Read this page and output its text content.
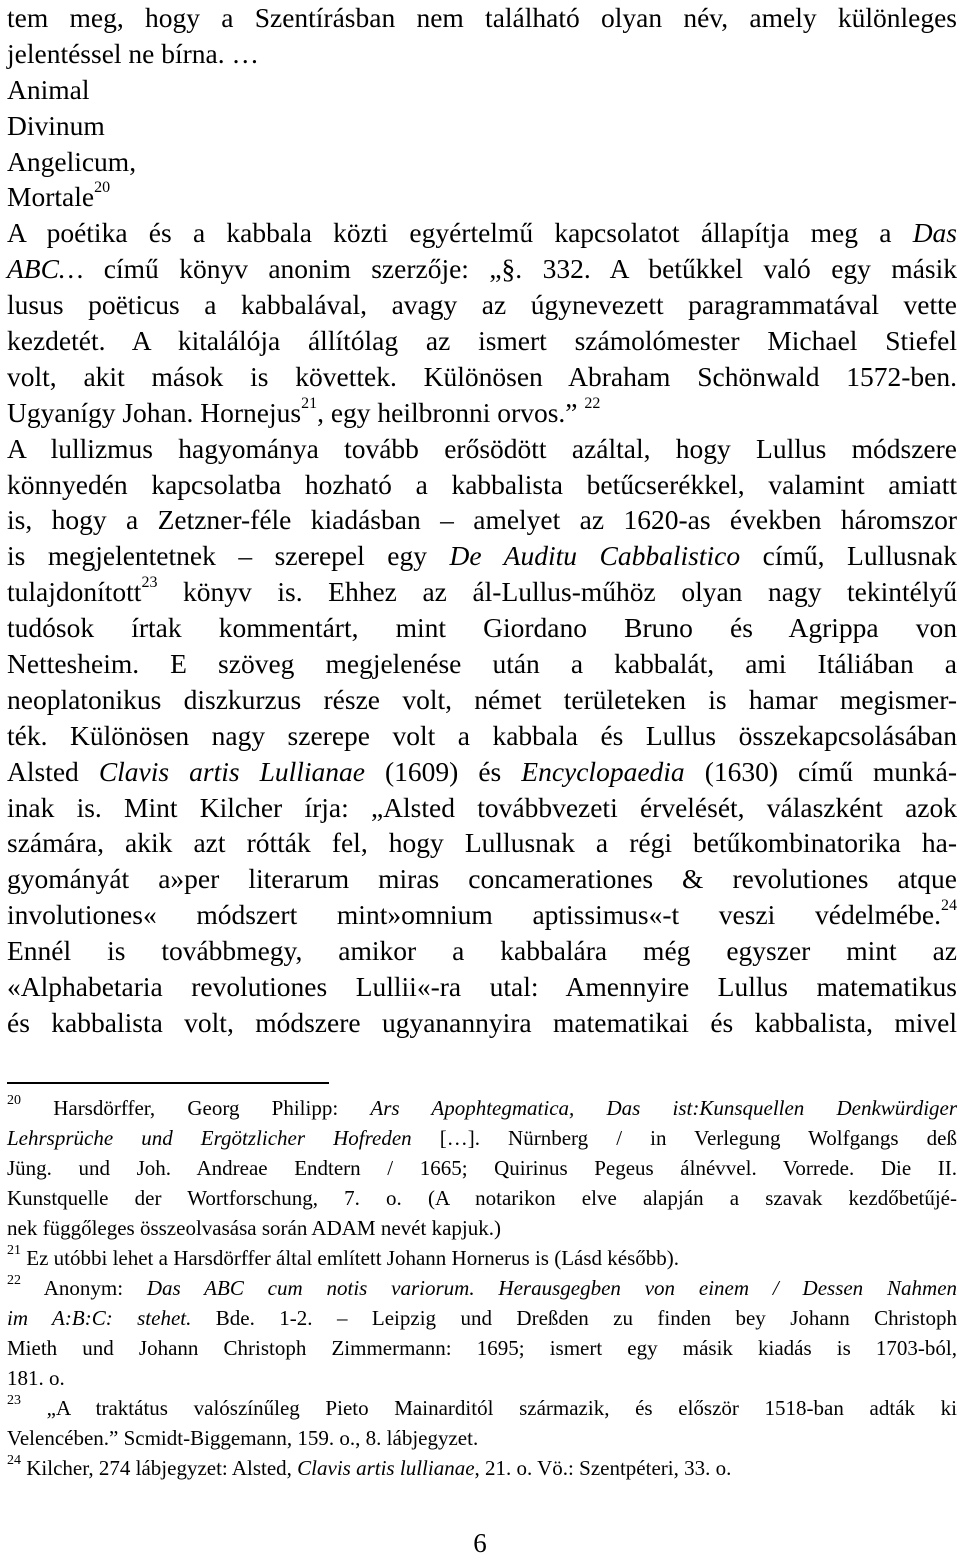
tem meg, hogy a Szentírásban nem található olyan név, amely különleges
jelentéssel ne bírna. …
Animal
Divinum
Angelicum,
Mortale$^{20}$
A poétika és a kabbala közti egyértelmű kapcsolatot állapítja meg a Das
ABC… című könyv anonim szerzője: „§. 332. A betűkkel való egy másik
lusus poëticus a kabbalával, avagy az úgynevezett paragrammatával vette
kezdetét. A kitalálója állítólag az ismert számolómester Michael Stiefel
volt, akit mások is követtek. Különösen Abraham Schönwald 1572-ben.
Ugyanígy Johan. Hornejus$^{21}$, egy heilbronni orvos.” $^{22}$
A lullizmus hagyománya tovább erősödött azáltal, hogy Lullus módszere
könnyedén kapcsolatba hozható a kabbalista betűcserékkel, valamint amiatt
is, hogy a Zetzner-féle kiadásban – amelyet az 1620-as években háromszor
is megjelentetnek – szerepel egy De Auditu Cabbalistico című, Lullusnak
tulajdonított$^{23}$ könyv is. Ehhez az ál-Lullus-műhöz olyan nagy tekintélyű
tudósok írtak kommentárt, mint Giordano Bruno és Agrippa von
Nettesheim. E szöveg megjelenése után a kabbalát, ami Itáliában a
neoplatonikus diszkurzus része volt, német területeken is hamar megismer-
ték. Különösen nagy szerepe volt a kabbala és Lullus összekapcsolásában
Alsted Clavis artis Lullianae (1609) és Encyclopaedia (1630) című munká-
inak is. Mint Kilcher írja: „Alsted továbbvezeti érvelését, válaszként azok
számára, akik azt rótták fel, hogy Lullusnak a régi betűkombinatorika ha-
gyományát a»per literarum miras concamerationes & revolutiones atque
involutiones« módszert mint»omnium aptissimus«-t veszi védelmébe.$^{24}$
Ennél is továbbmegy, amikor a kabbalára még egyszer mint az
«Alphabetaria revolutiones Lullii«-ra utal: Amennyire Lullus matematikus
és kabbalista volt, módszere ugyanannyira matematikai és kabbalista, mivel
$^{20}$ Harsdörffer, Georg Philipp: Ars Apophtegmatica, Das ist:Kunsquellen Denkwürdiger
Lehrsprüche und Ergötzlicher Hofreden […]. Nürnberg / in Verlegung Wolfgangs deß
Jüng. und Joh. Andreae Endtern / 1665; Quirinus Pegeus álnévvel. Vorrede. Die II.
Kunstquelle der Wortforschung, 7. o. (A notarikon elve alapján a szavak kezdőbetűjé-
nek függőleges összeolvasása során ADAM nevét kapjuk.)
$^{21}$ Ez utóbbi lehet a Harsdörffer által említett Johann Hornerus is (Lásd később).
$^{22}$ Anonym: Das ABC cum notis variorum. Herausgegben von einem / Dessen Nahmen
im A:B:C: stehet. Bde. 1-2. – Leipzig und Dreßden zu finden bey Johann Christoph
Mieth und Johann Christoph Zimmermann: 1695; ismert egy másik kiadás is 1703-ból,
181. o.
$^{23}$ „A traktátus valószínűleg Pieto Mainarditól származik, és először 1518-ban adták ki
Velencében.” Scmidt-Biggemann, 159. o., 8. lábjegyzet.
$^{24}$ Kilcher, 274 lábjegyzet: Alsted, Clavis artis lullianae, 21. o. Vö.: Szentpéteri, 33. o.
6
